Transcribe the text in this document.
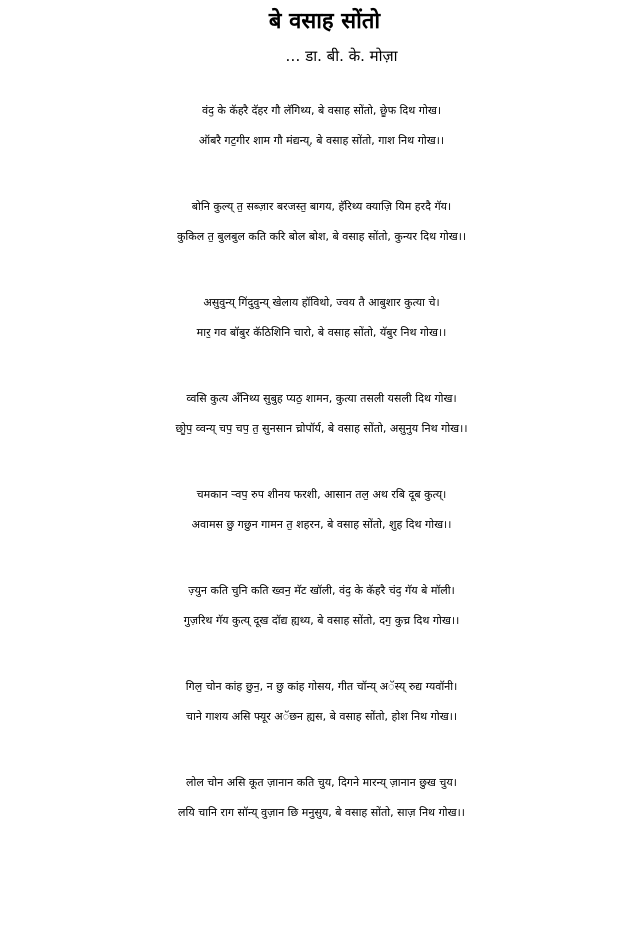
बे वसाह सोंतो

… डा. बी. के. मोज़ा

वंदॖ के कॅहरै दॅहर गौ लॅगिथ्य, बे वसाह सोंतो, छेॗफ दिथ गोख।

ऑबरै गटॖगीर शाम गौ मंद्यन्य्, बे वसाह सोंतो, गाश निथ गोख।।

बोनि कुल्य् तॖ सब्ज़ार बरजस्तॖ बागय, हॅरिथ्य क्याज़ि यिम हरदै गॅय।

कुकिल तॖ बुलबुल कति करि बोल बोश, बे वसाह सोंतो, कुन्यर दिथ गोख।।

असुवुन्य् गिंदुवुन्य् खेलाय हॉविथो, ज्वय तै आबुशार कुत्या चे।

मारॖ गव बॉबुर कॅठिशिनि चारो, बे वसाह सोंतो, यॅबुर निथ गोख।।

व्वसि कुत्य अँनिथ्य सुबुह प्यठॖ शामन, कुत्या तसली यसली दिथ गोख।

छोॗपॖ व्वन्य् चपॖ चपॖ तॖ सुनसान च्रोपॉर्य, बे वसाह सोंतो, असुनुय निथ गोख।।

चमकान र्‍वपॖ रुप शीनय फरशी, आसान तलॖ अथ रबि दूब कुत्य्।

अवामस छु गछुन गामन तॖ शहरन, बे वसाह सोंतो, शुह दिथ गोख।।

ज़्युन कति चुनि कति ख्वनॖ मॅट खॉली, वंदॖ के कॅहरै चंदॖ गॅय बे मॉली।

गुज़रिथ गॅय कुत्य् दूख दॉद्य ह्यथ्य, बे वसाह सोंतो, दगॖ कुच्र दिथ गोख।।

गिलॖ चोन कांह छुनॖ, न छु कांह गोसय, गीत चॉन्य् अॅस्य् रुद्य ग्यवॉनी।

चाने गाशय असि फ्यूर अॅछन ह्यस, बे वसाह सोंतो, होश निथ गोख।।

लोल चोन असि कूत ज़ानान कति चुय, दिगने मारन्य् ज़ानान छुख चुय।

लयि चानि राग सॉन्य् वुज़ान छि मनुसुय, बे वसाह सोंतो, साज़ निथ गोख।।
